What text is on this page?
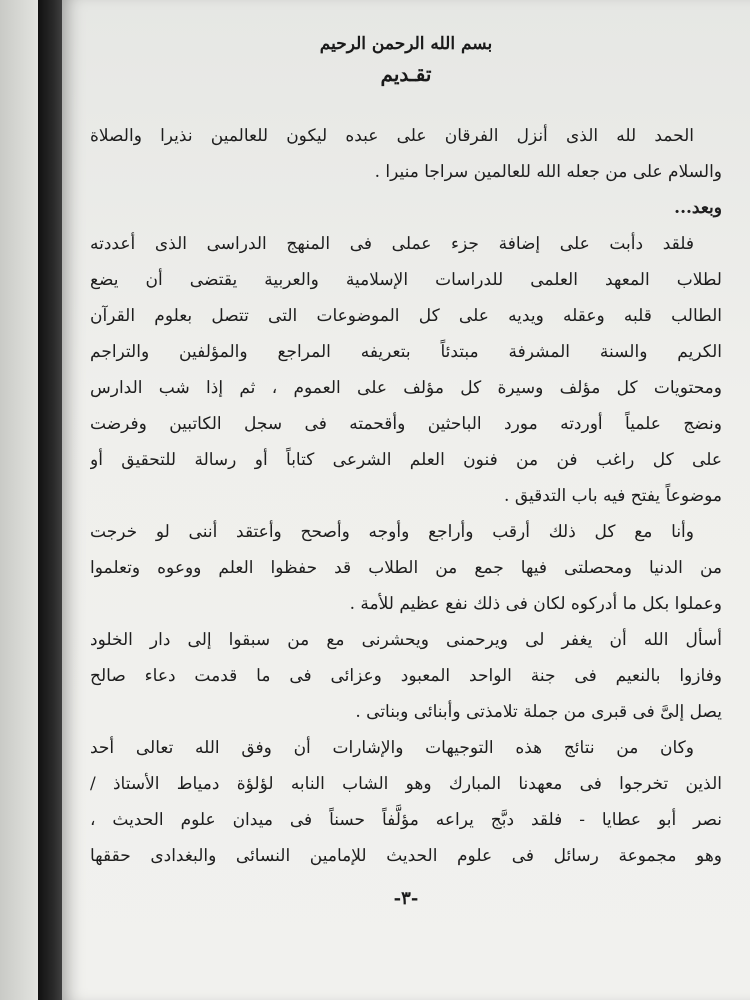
بسم الله الرحمن الرحيم
تقـديم
الحمد لله الذى أنزل الفرقان على عبده ليكون للعالمين نذيرا والصلاة
والسلام على من جعله الله للعالمين سراجا منيرا .
وبعد...
فلقد دأبت على إضافة جزء عملى فى المنهج الدراسى الذى أعددته
لطلاب المعهد العلمى للدراسات الإسلامية والعربية يقتضى أن يضع
الطالب قلبه وعقله ويديه على كل الموضوعات التى تتصل بعلوم القرآن
الكريم والسنة المشرفة مبتدئاً بتعريفه المراجع والمؤلفين والتراجم
ومحتويات كل مؤلف وسيرة كل مؤلف على العموم ، ثم إذا شب الدارس
ونضج علمياً أوردته مورد الباحثين وأقحمته فى سجل الكاتبين وفرضت
على كل راغب فن من فنون العلم الشرعى كتاباً أو رسالة للتحقيق أو
موضوعاً يفتح فيه باب التدقيق .
وأنا مع كل ذلك أرقب وأراجع وأوجه وأصحح وأعتقد أننى لو خرجت
من الدنيا ومحصلتى فيها جمع من الطلاب قد حفظوا العلم ووعوه وتعلموا
وعملوا بكل ما أدركوه لكان فى ذلك نفع عظيم للأمة .
أسأل الله أن يغفر لى ويرحمنى ويحشرنى مع من سبقوا إلى دار الخلود
وفازوا بالنعيم فى جنة الواحد المعبود وعزائى فى ما قدمت دعاء صالح
يصل إلىَّ فى قبرى من جملة تلامذتى وأبنائى وبناتى .
وكان من نتائج هذه التوجيهات والإشارات أن وفق الله تعالى أحد
الذين تخرجوا فى معهدنا المبارك وهو الشاب النابه لؤلؤة دمياط الأستاذ /
نصر أبو عطايا - فلقد دبَّج يراعه مؤلَّفاً حسناً فى ميدان علوم الحديث ،
وهو مجموعة رسائل فى علوم الحديث للإمامين النسائى والبغدادى حققها
-٣-
